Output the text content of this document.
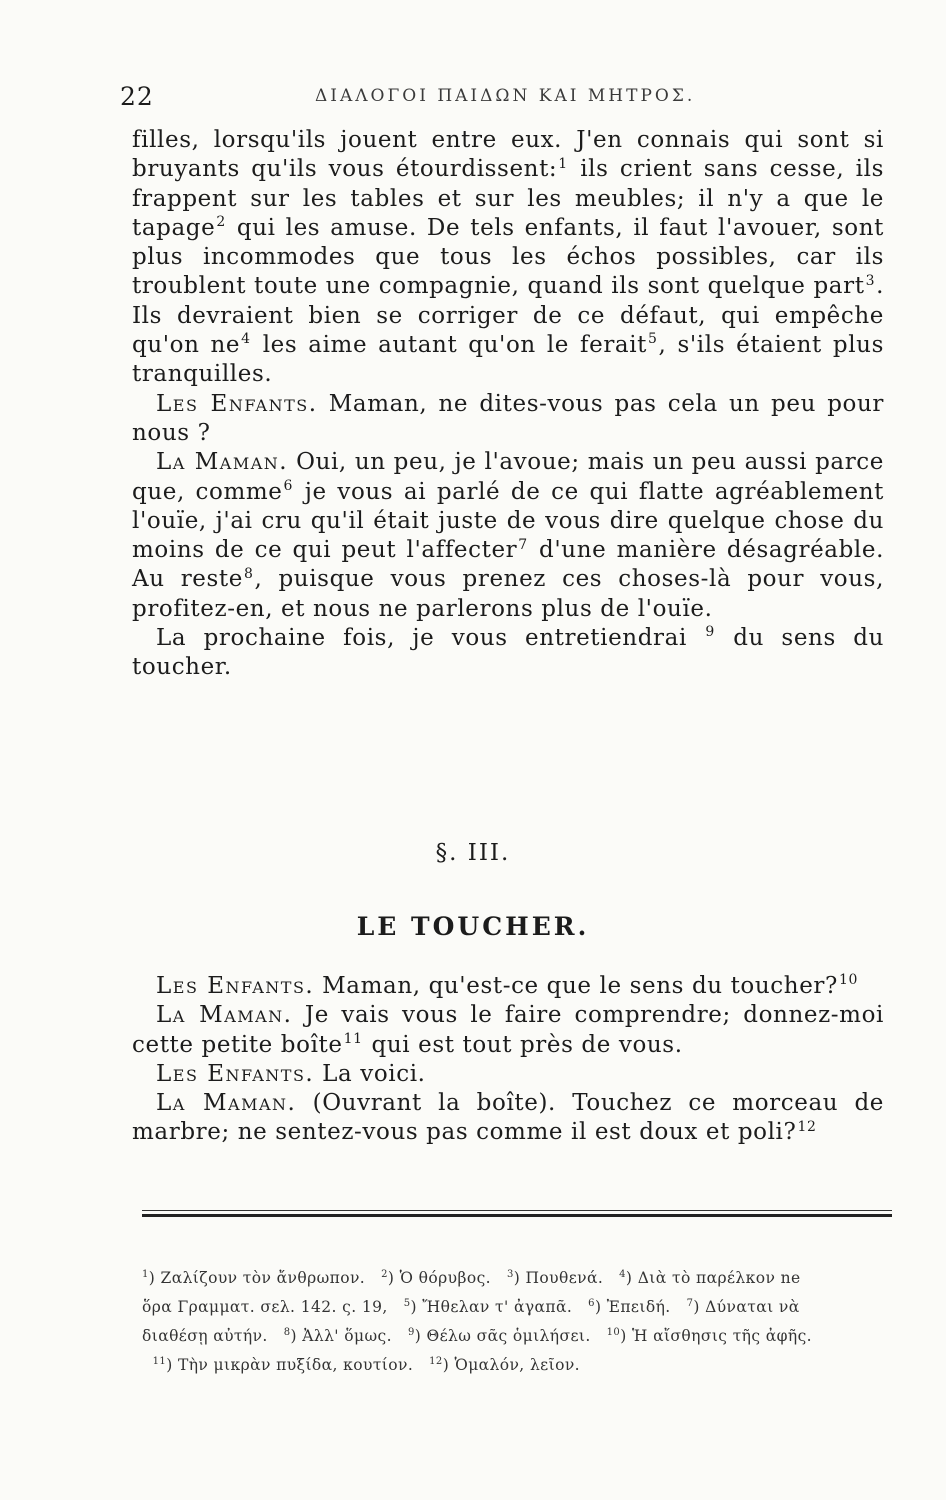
22	ΔΙΑΛΟΓΟΙ ΠΑΙΔΩΝ ΚΑΙ ΜΗΤΡΟΣ.

filles, lorsqu'ils jouent entre eux. J'en connais qui sont si bruyants qu'ils vous étourdissent:$^1$ ils crient sans cesse, ils frappent sur les tables et sur les meubles; il n'y a que le tapage$^2$ qui les amuse. De tels enfants, il faut l'avouer, sont plus incommodes que tous les échos possibles, car ils troublent toute une compagnie, quand ils sont quelque part$^3$. Ils devraient bien se corriger de ce défaut, qui empêche qu'on ne$^4$ les aime autant qu'on le ferait$^5$, s'ils étaient plus tranquilles.

Les Enfants. Maman, ne dites-vous pas cela un peu pour nous ?

La Maman. Oui, un peu, je l'avoue; mais un peu aussi parce que, comme$^6$ je vous ai parlé de ce qui flatte agréablement l'ouïe, j'ai cru qu'il était juste de vous dire quelque chose du moins de ce qui peut l'affecter$^7$ d'une manière désagréable. Au reste$^8$, puisque vous prenez ces choses-là pour vous, profitez-en, et nous ne parlerons plus de l'ouïe.

La prochaine fois, je vous entretiendrai $^9$ du sens du toucher.

§. III.
LE TOUCHER.

Les Enfants. Maman, qu'est-ce que le sens du toucher?$^{10}$

La Maman. Je vais vous le faire comprendre; donnez-moi cette petite boîte$^{11}$ qui est tout près de vous.

Les Enfants. La voici.

La Maman. (Ouvrant la boîte). Touchez ce morceau de marbre; ne sentez-vous pas comme il est doux et poli?$^{12}$

$^1$) Ζαλίζουν τὸν ἄνθρωπον. $^2$) Ὁ θόρυβος. $^3$) Πουθενά. $^4$) Διὰ τὸ παρέλκον ne

ὅρα Γραμματ. σελ. 142. ς. 19, $^5$) Ἤθελαν τ' ἀγαπᾶ. $^6$) Ἐπειδή. $^7$) Δύναται νὰ

διαθέσῃ αὐτήν. $^8$) Ἀλλ' ὅμως. $^9$) Θέλω σᾶς ὁμιλήσει. $^{10}$) Ἡ αἴσθησις τῆς ἀφῆς.

$^{11}$) Τὴν μικρὰν πυξίδα, κουτίον. $^{12}$) Ὁμαλόν, λεῖον.
